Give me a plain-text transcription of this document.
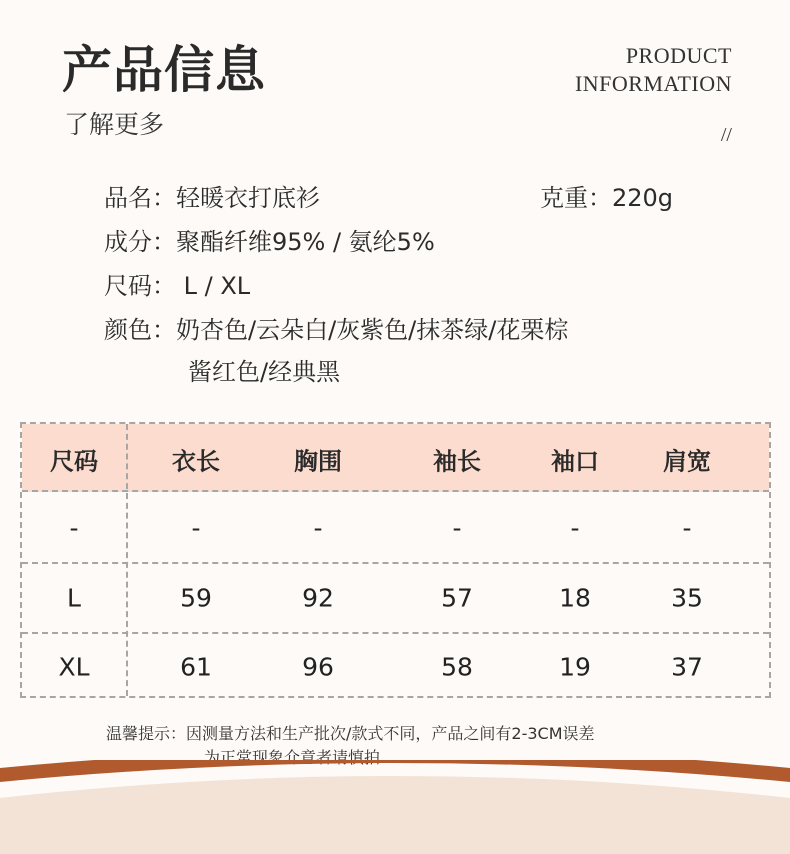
产品信息
了解更多
PRODUCT
INFORMATION
//
品名：轻暖衣打底衫
成分：聚酯纤维95% / 氨纶5%
尺码： L / XL
颜色：奶杏色/云朵白/灰紫色/抹茶绿/花栗棕
酱红色/经典黑
克重：220g
尺码	衣长	胸围	袖长	袖口	肩宽
-	-	-	-	-	-
L	59	92	57	18	35
XL	61	96	58	19	37
温馨提示：因测量方法和生产批次/款式不同，产品之间有2-3CM误差
为正常现象介意者请慎拍
